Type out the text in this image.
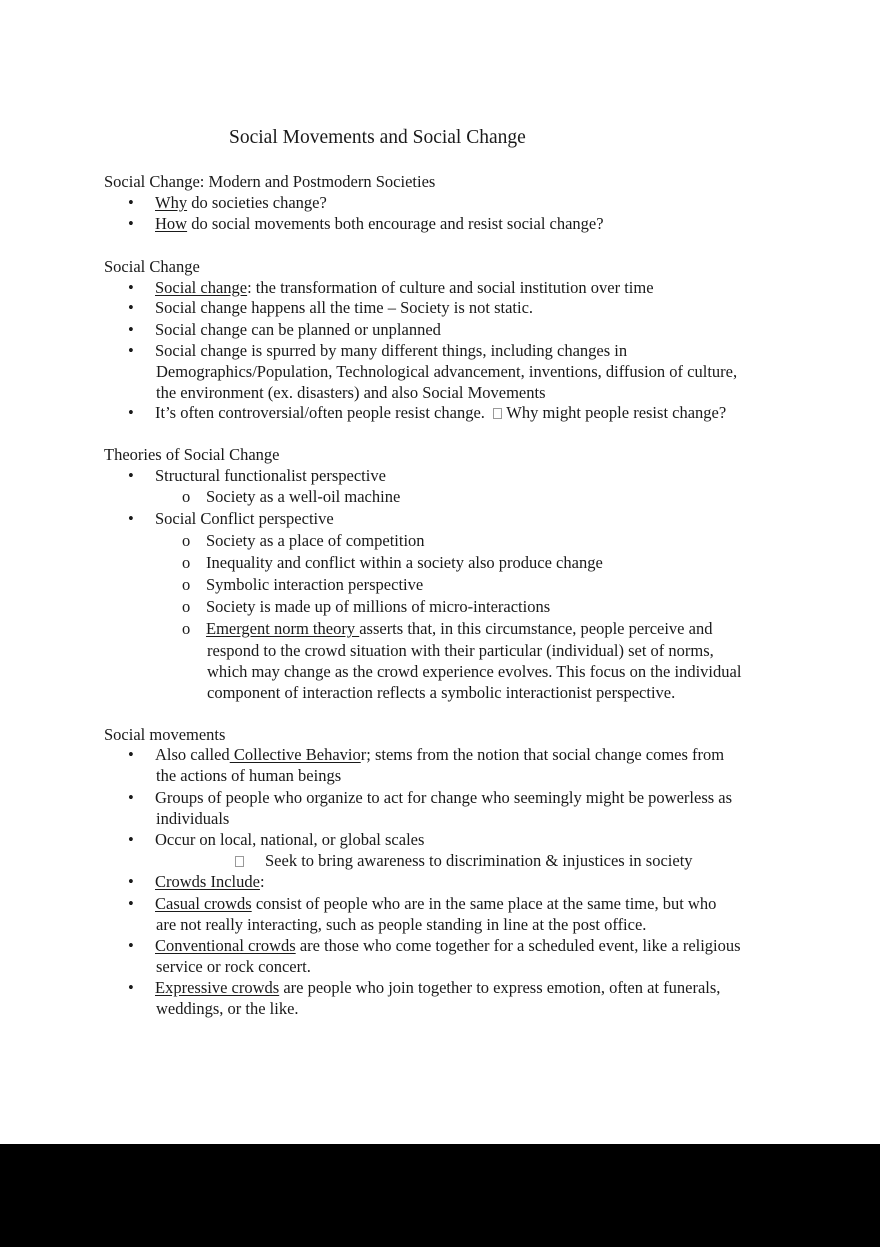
Social Movements and Social Change
Social Change: Modern and Postmodern Societies
• Why do societies change?
• How do social movements both encourage and resist social change?
Social Change
• Social change: the transformation of culture and social institution over time
• Social change happens all the time – Society is not static.
• Social change can be planned or unplanned
• Social change is spurred by many different things, including changes in
Demographics/Population, Technological advancement, inventions, diffusion of culture,
the environment (ex. disasters) and also Social Movements
• It’s often controversial/often people resist change. Why might people resist change?
Theories of Social Change
• Structural functionalist perspective
o Society as a well-oil machine
• Social Conflict perspective
o Society as a place of competition
o Inequality and conflict within a society also produce change
o Symbolic interaction perspective
o Society is made up of millions of micro-interactions
o Emergent norm theory asserts that, in this circumstance, people perceive and
respond to the crowd situation with their particular (individual) set of norms,
which may change as the crowd experience evolves. This focus on the individual
component of interaction reflects a symbolic interactionist perspective.
Social movements
• Also called Collective Behavior; stems from the notion that social change comes from
the actions of human beings
• Groups of people who organize to act for change who seemingly might be powerless as
individuals
• Occur on local, national, or global scales
Seek to bring awareness to discrimination & injustices in society
• Crowds Include:
• Casual crowds consist of people who are in the same place at the same time, but who
are not really interacting, such as people standing in line at the post office.
• Conventional crowds are those who come together for a scheduled event, like a religious
service or rock concert.
• Expressive crowds are people who join together to express emotion, often at funerals,
weddings, or the like.
